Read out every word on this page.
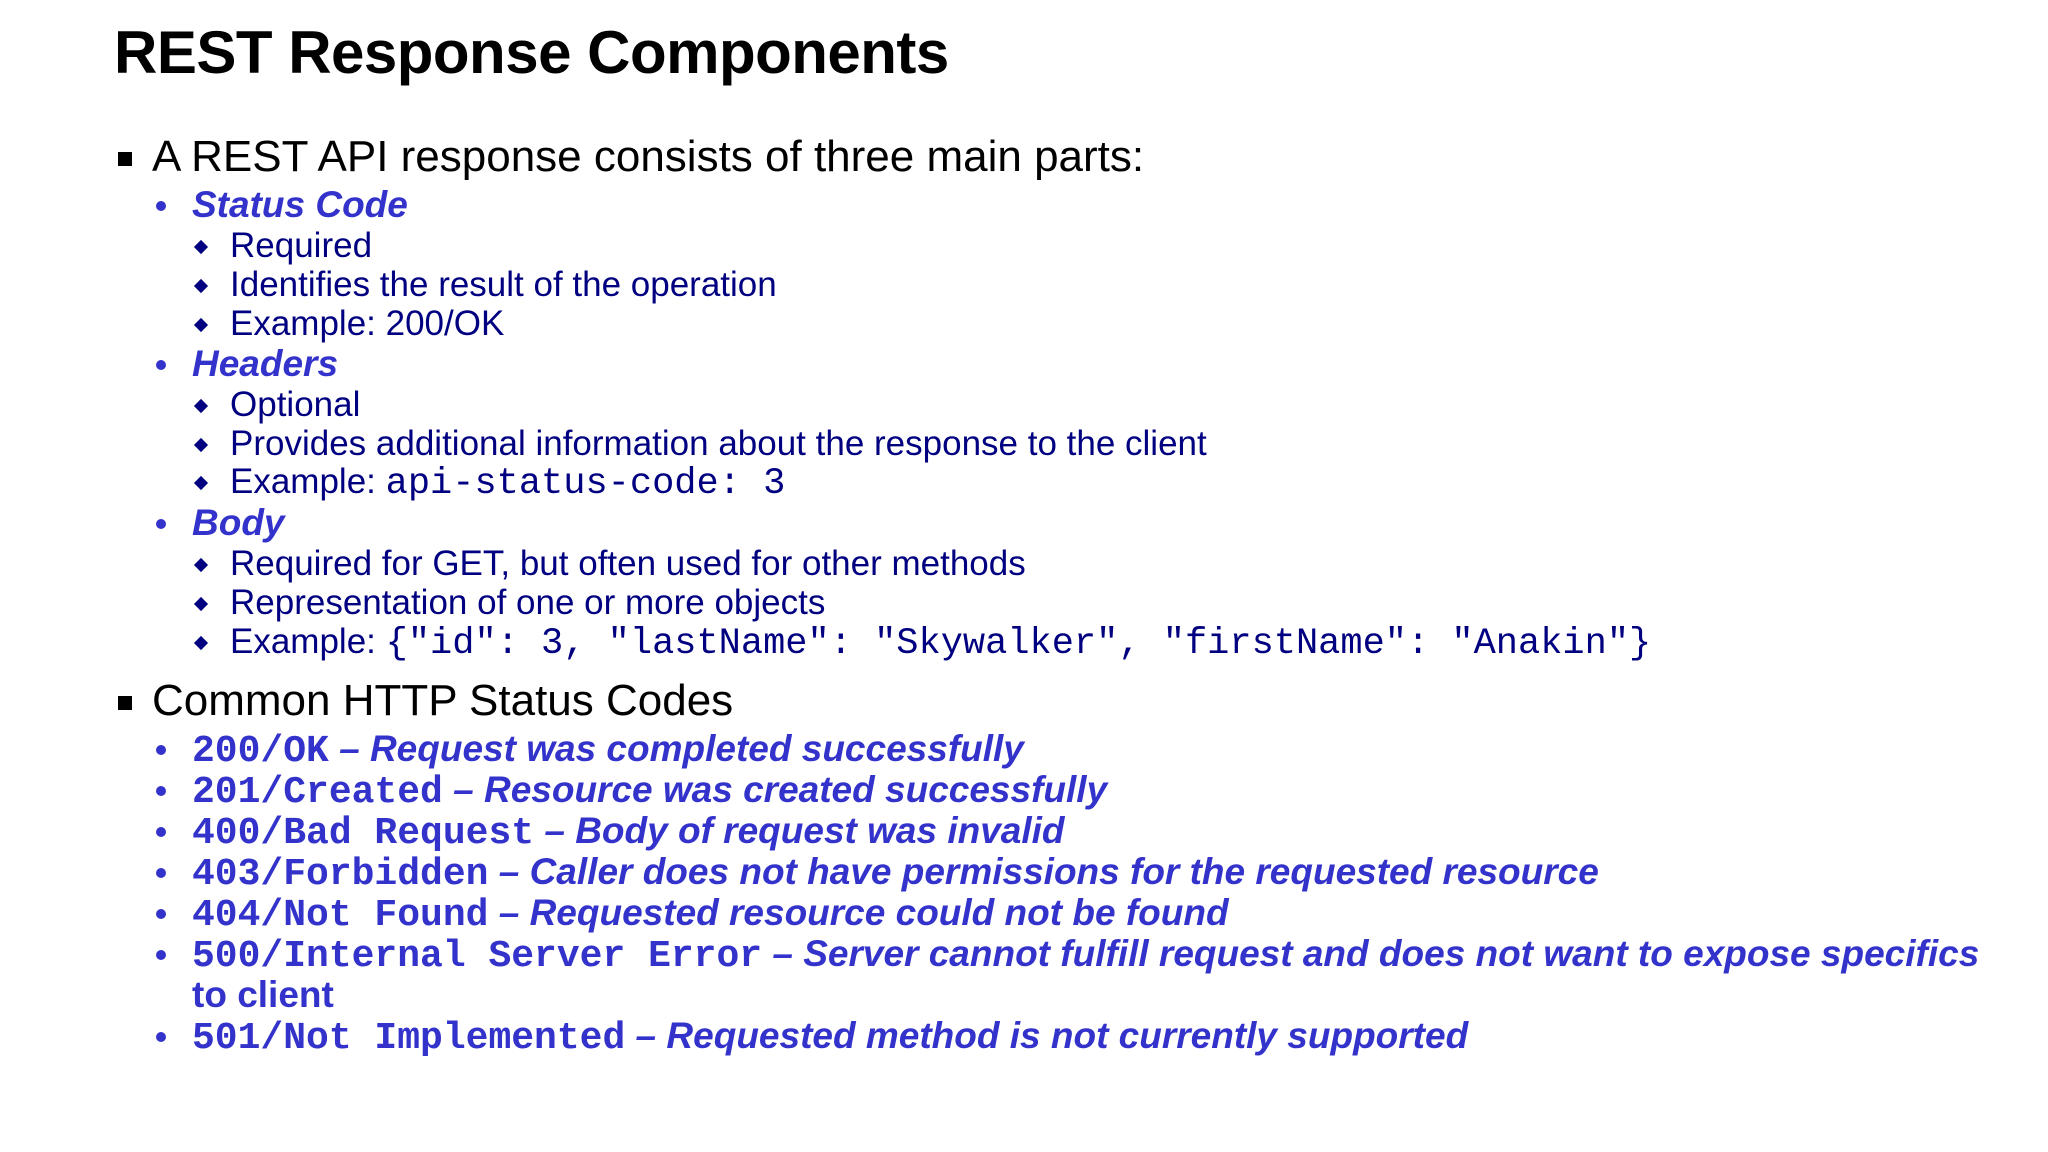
REST Response Components
A REST API response consists of three main parts:
Status Code
Required
Identifies the result of the operation
Example: 200/OK
Headers
Optional
Provides additional information about the response to the client
Example: api-status-code: 3
Body
Required for GET, but often used for other methods
Representation of one or more objects
Example: {"id": 3, "lastName": "Skywalker", "firstName": "Anakin"}
Common HTTP Status Codes
200/OK – Request was completed successfully
201/Created – Resource was created successfully
400/Bad Request – Body of request was invalid
403/Forbidden – Caller does not have permissions for the requested resource
404/Not Found – Requested resource could not be found
500/Internal Server Error – Server cannot fulfill request and does not want to expose specifics
to client
501/Not Implemented – Requested method is not currently supported
